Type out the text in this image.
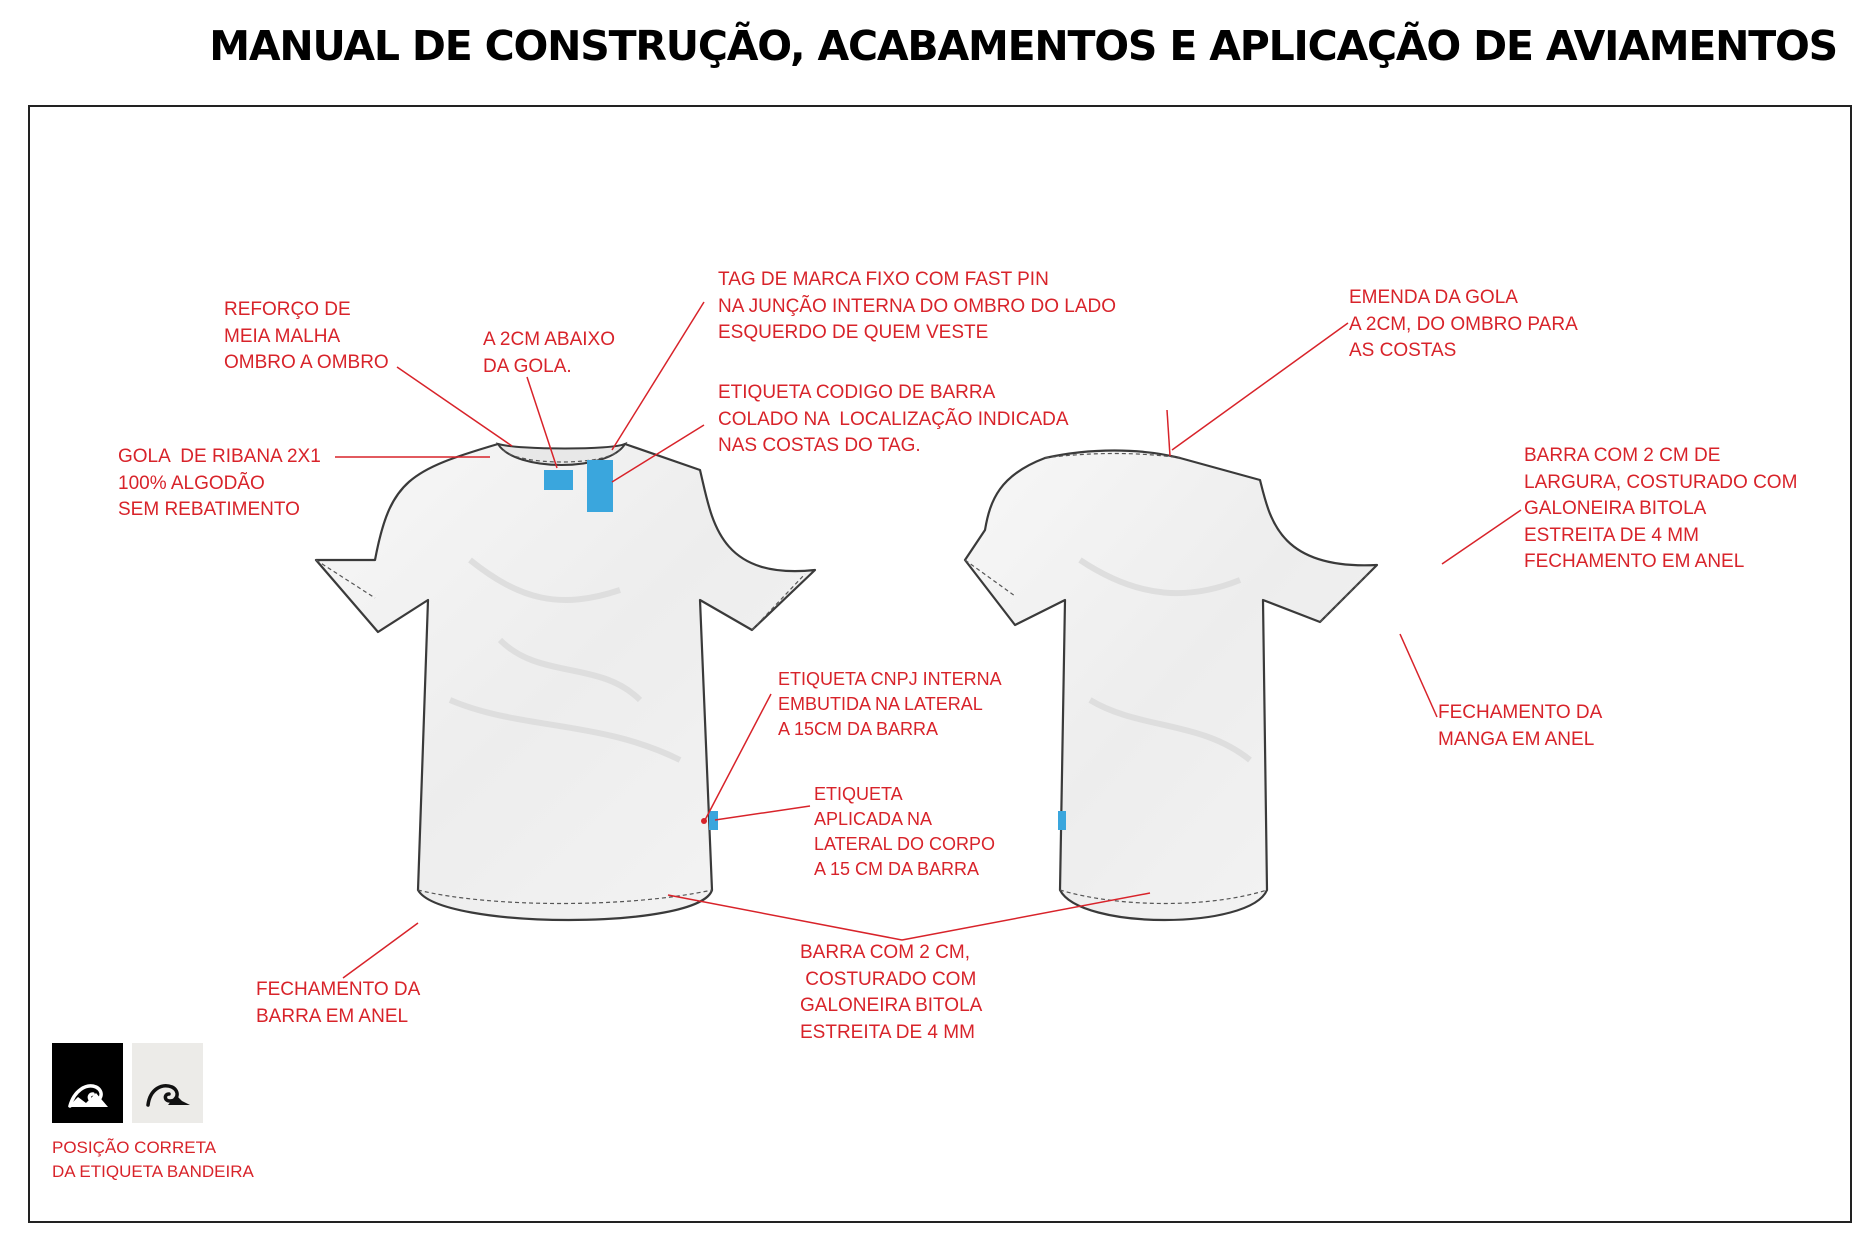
MANUAL DE CONSTRUÇÃO, ACABAMENTOS E APLICAÇÃO DE AVIAMENTOS
REFORÇO DE
MEIA MALHA
OMBRO A OMBRO
GOLA  DE RIBANA 2X1
100% ALGODÃO
SEM REBATIMENTO
A 2CM ABAIXO
DA GOLA.
TAG DE MARCA FIXO COM FAST PIN
NA JUNÇÃO INTERNA DO OMBRO DO LADO
ESQUERDO DE QUEM VESTE
ETIQUETA CODIGO DE BARRA
COLADO NA  LOCALIZAÇÃO INDICADA
NAS COSTAS DO TAG.
ETIQUETA CNPJ INTERNA
EMBUTIDA NA LATERAL
A 15CM DA BARRA
ETIQUETA
APLICADA NA
LATERAL DO CORPO
A 15 CM DA BARRA
FECHAMENTO DA
BARRA EM ANEL
BARRA COM 2 CM,
COSTURADO COM
GALONEIRA BITOLA
ESTREITA DE 4 MM
EMENDA DA GOLA
A 2CM, DO OMBRO PARA
AS COSTAS
BARRA COM 2 CM DE
LARGURA, COSTURADO COM
GALONEIRA BITOLA
ESTREITA DE 4 MM
FECHAMENTO EM ANEL
FECHAMENTO DA
MANGA EM ANEL
POSIÇÃO CORRETA
DA ETIQUETA BANDEIRA
